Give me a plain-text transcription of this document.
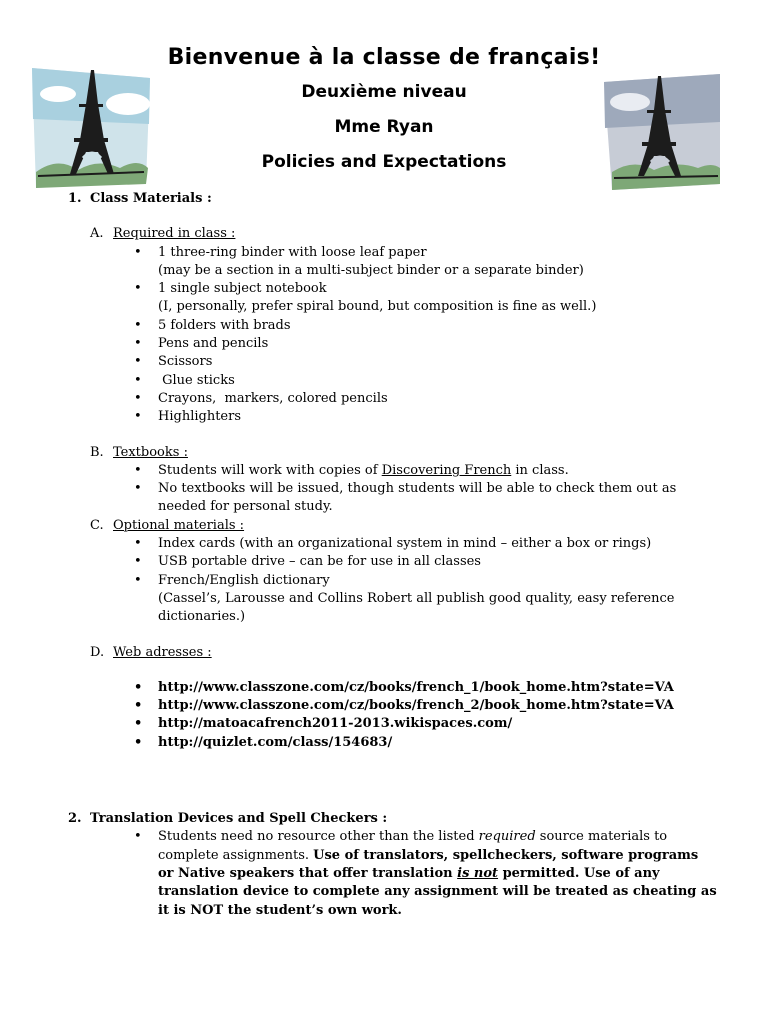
Bienvenue à la classe de français!
Deuxième niveau
Mme Ryan
Policies and Expectations
1. Class Materials :
A. Required in class :
• 1 three-ring binder with loose leaf paper
(may be a section in a multi-subject binder or a separate binder)
• 1 single subject notebook
(I, personally, prefer spiral bound, but composition is fine as well.)
• 5 folders with brads
• Pens and pencils
• Scissors
•  Glue sticks
• Crayons,  markers, colored pencils
• Highlighters
B. Textbooks :
• Students will work with copies of Discovering French in class.
• No textbooks will be issued, though students will be able to check them out as needed for personal study.
C. Optional materials :
• Index cards (with an organizational system in mind – either a box or rings)
• USB portable drive – can be for use in all classes
• French/English dictionary
(Cassel’s, Larousse and Collins Robert all publish good quality, easy reference dictionaries.)
D. Web adresses :
• http://www.classzone.com/cz/books/french_1/book_home.htm?state=VA
• http://www.classzone.com/cz/books/french_2/book_home.htm?state=VA
• http://matoacafrench2011-2013.wikispaces.com/
• http://quizlet.com/class/154683/
2. Translation Devices and Spell Checkers :
• Students need no resource other than the listed required source materials to complete assignments. Use of translators, spellcheckers, software programs or Native speakers that offer translation is not permitted. Use of any translation device to complete any assignment will be treated as cheating as it is NOT the student’s own work.
